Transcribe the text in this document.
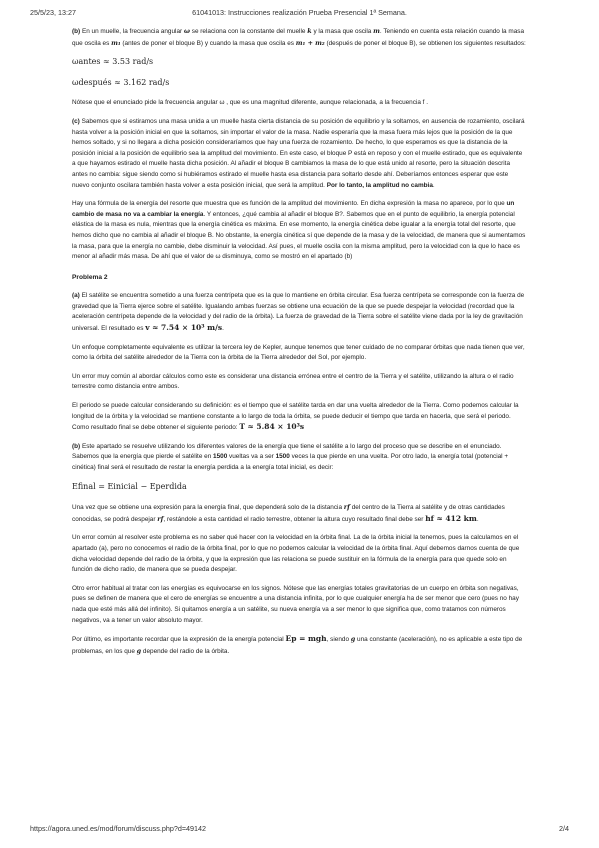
25/5/23, 13:27	61041013: Instrucciones realización Prueba Presencial 1ª Semana.

(b) En un muelle, la frecuencia angular ω se relaciona con la constante del muelle k y la masa que oscila m. Teniendo en cuenta esta relación cuando la masa que oscila es m₁ (antes de poner el bloque B) y cuando la masa que oscila es m₁ + m₂ (después de poner el bloque B), se obtienen los siguientes resultados:

ωantes ≈ 3.53 rad/s
ωdespués ≈ 3.162 rad/s

Nótese que el enunciado pide la frecuencia angular ω , que es una magnitud diferente, aunque relacionada, a la frecuencia f .

(c) Sabemos que si estiramos una masa unida a un muelle hasta cierta distancia de su posición de equilibrio y la soltamos, en ausencia de rozamiento, oscilará hasta volver a la posición inicial en que la soltamos, sin importar el valor de la masa. Nadie esperaría que la masa fuera más lejos que la posición de la que hemos soltado, y si no llegara a dicha posición consideraríamos que hay una fuerza de rozamiento. De hecho, lo que esperamos es que la distancia de la posición inicial a la posición de equilibrio sea la amplitud del movimiento. En este caso, el bloque P está en reposo y con el muelle estirado, que es equivalente a que hayamos estirado el muelle hasta dicha posición. Al añadir el bloque B cambiamos la masa de lo que está unido al resorte, pero la situación descrita antes no cambia: sigue siendo como si hubiéramos estirado el muelle hasta esa distancia para soltarlo desde ahí. Deberíamos entonces esperar que este nuevo conjunto oscilara también hasta volver a esta posición inicial, que será la amplitud. Por lo tanto, la amplitud no cambia.

Hay una fórmula de la energía del resorte que muestra que es función de la amplitud del movimiento. En dicha expresión la masa no aparece, por lo que un cambio de masa no va a cambiar la energía. Y entonces, ¿qué cambia al añadir el bloque B?. Sabemos que en el punto de equilibrio, la energía potencial elástica de la masa es nula, mientras que la energía cinética es máxima. En ese momento, la energía cinética debe igualar a la energía total del resorte, que hemos dicho que no cambia al añadir el bloque B. No obstante, la energía cinética sí que depende de la masa y de la velocidad, de manera que si aumentamos la masa, para que la energía no cambie, debe disminuir la velocidad. Así pues, el muelle oscila con la misma amplitud, pero la velocidad con la que lo hace es menor al añadir más masa. De ahí que el valor de ω disminuya, como se mostró en el apartado (b)

Problema 2

(a) El satélite se encuentra sometido a una fuerza centrípeta que es la que lo mantiene en órbita circular. Esa fuerza centrípeta se corresponde con la fuerza de gravedad que la Tierra ejerce sobre el satélite. Igualando ambas fuerzas se obtiene una ecuación de la que se puede despejar la velocidad (recordad que la aceleración centrípeta depende de la velocidad y del radio de la órbita). La fuerza de gravedad de la Tierra sobre el satélite viene dada por la ley de gravitación universal. El resultado es v ≈ 7.54 × 10³ m/s.

Un enfoque completamente equivalente es utilizar la tercera ley de Kepler, aunque tenemos que tener cuidado de no comparar órbitas que nada tienen que ver, como la órbita del satélite alrededor de la Tierra con la órbita de la Tierra alrededor del Sol, por ejemplo.

Un error muy común al abordar cálculos como este es considerar una distancia errónea entre el centro de la Tierra y el satélite, utilizando la altura o el radio terrestre como distancia entre ambos.

El periodo se puede calcular considerando su definición: es el tiempo que el satélite tarda en dar una vuelta alrededor de la Tierra. Como podemos calcular la longitud de la órbita y la velocidad se mantiene constante a lo largo de toda la órbita, se puede deducir el tiempo que tarda en hacerla, que será el periodo. Como resultado final se debe obtener el siguiente periodo: T ≈ 5.84 × 10³s

(b) Este apartado se resuelve utilizando los diferentes valores de la energía que tiene el satélite a lo largo del proceso que se describe en el enunciado. Sabemos que la energía que pierde el satélite en 1500 vueltas va a ser 1500 veces la que pierde en una vuelta. Por otro lado, la energía total (potencial + cinética) final será el resultado de restar la energía perdida a la energía total inicial, es decir:

Efinal = Einicial − Eperdida

Una vez que se obtiene una expresión para la energía final, que dependerá solo de la distancia rf del centro de la Tierra al satélite y de otras cantidades conocidas, se podrá despejar rf, restándole a esta cantidad el radio terrestre, obtener la altura cuyo resultado final debe ser hf ≈ 412 km.

Un error común al resolver este problema es no saber qué hacer con la velocidad en la órbita final. La de la órbita inicial la tenemos, pues la calculamos en el apartado (a), pero no conocemos el radio de la órbita final, por lo que no podemos calcular la velocidad de la órbita final. Aquí debemos darnos cuenta de que dicha velocidad depende del radio de la órbita, y que la expresión que las relaciona se puede sustituir en la fórmula de la energía para que quede solo en función de dicho radio, de manera que se pueda despejar.

Otro error habitual al tratar con las energías es equivocarse en los signos. Nótese que las energías totales gravitatorias de un cuerpo en órbita son negativas, pues se definen de manera que el cero de energías se encuentre a una distancia infinita, por lo que cualquier energía ha de ser menor que cero (pues no hay nada que esté más allá del infinito). Si quitamos energía a un satélite, su nueva energía va a ser menor lo que significa que, como tratamos con números negativos, va a tener un valor absoluto mayor.

Por último, es importante recordar que la expresión de la energía potencial Ep = mgh, siendo g una constante (aceleración), no es aplicable a este tipo de problemas, en los que g depende del radio de la órbita.

https://agora.uned.es/mod/forum/discuss.php?d=49142	2/4
